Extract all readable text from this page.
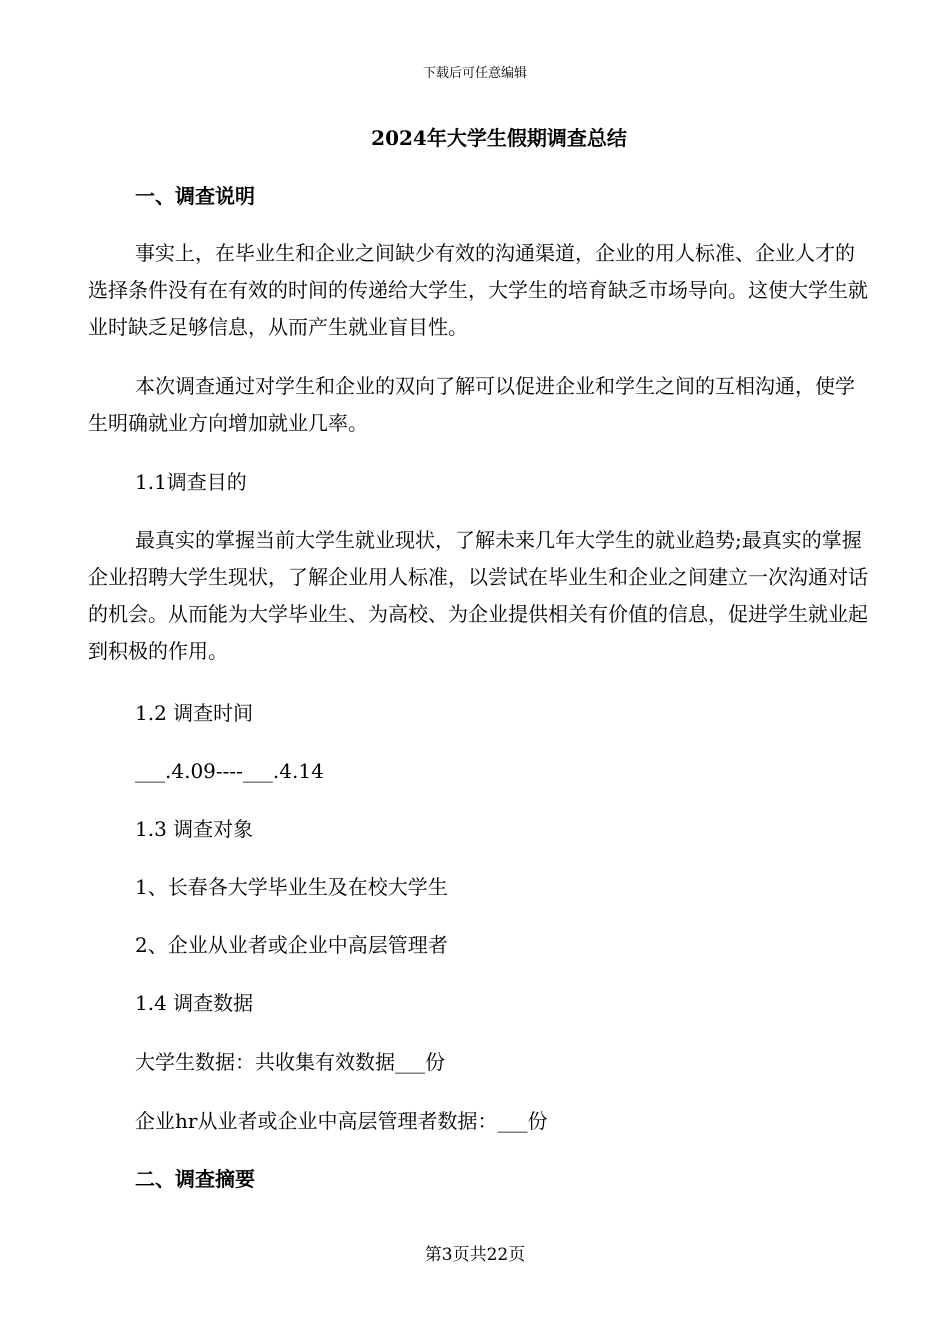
下载后可任意编辑
2024年大学生假期调查总结
一、调查说明

事实上，在毕业生和企业之间缺少有效的沟通渠道，企业的用人标准、企业人才的选择条件没有在有效的时间的传递给大学生，大学生的培育缺乏市场导向。这使大学生就业时缺乏足够信息，从而产生就业盲目性。

本次调查通过对学生和企业的双向了解可以促进企业和学生之间的互相沟通，使学生明确就业方向增加就业几率。

1.1调查目的

最真实的掌握当前大学生就业现状，了解未来几年大学生的就业趋势;最真实的掌握企业招聘大学生现状，了解企业用人标准，以尝试在毕业生和企业之间建立一次沟通对话的机会。从而能为大学毕业生、为高校、为企业提供相关有价值的信息，促进学生就业起到积极的作用。

1.2 调查时间
___.4.09----___.4.14
1.3 调查对象
1、长春各大学毕业生及在校大学生
2、企业从业者或企业中高层管理者
1.4 调查数据
大学生数据：共收集有效数据___份
企业hr从业者或企业中高层管理者数据：___份
二、调查摘要
第3页共22页
